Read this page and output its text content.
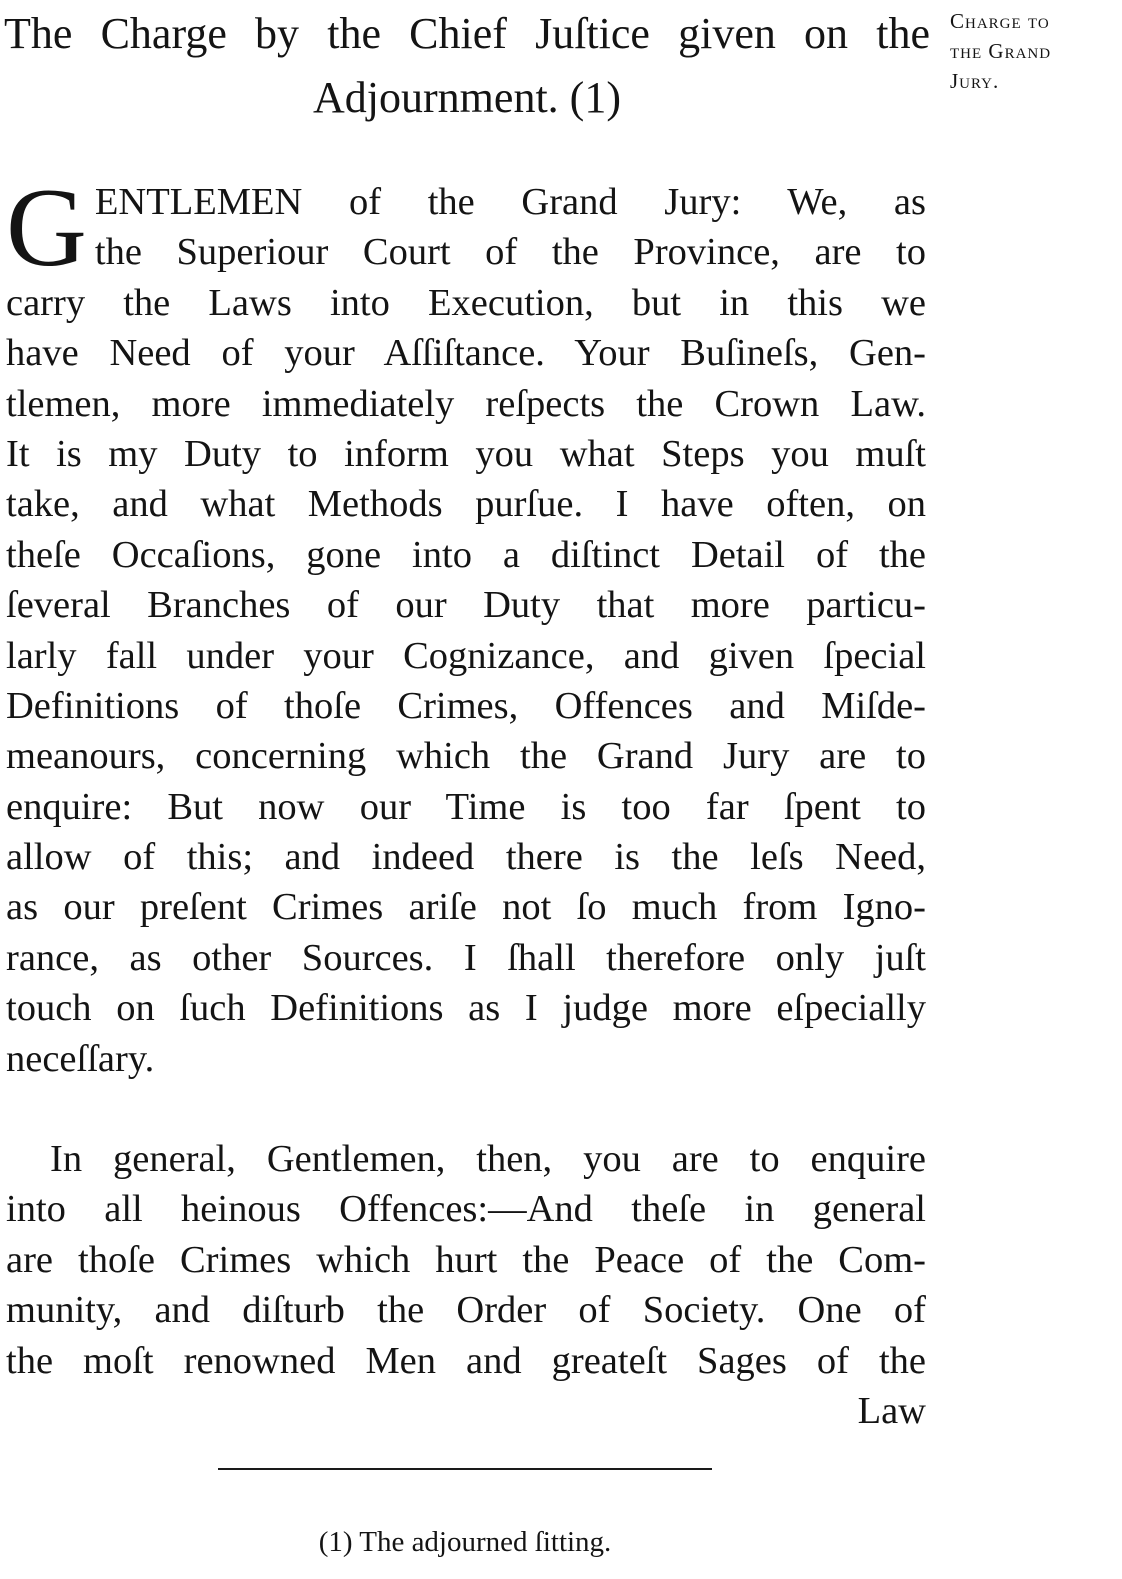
The Charge by the Chief Juſtice given on the
Adjournment. (1)
Charge to
the Grand
Jury.
G ENTLEMEN of the Grand Jury: We, as
the Superiour Court of the Province, are to
carry the Laws into Execution, but in this we
have Need of your Aſſiſtance. Your Buſineſs, Gen-
tlemen, more immediately reſpects the Crown Law.
It is my Duty to inform you what Steps you muſt
take, and what Methods purſue. I have often, on
theſe Occaſions, gone into a diſtinct Detail of the
ſeveral Branches of our Duty that more particu-
larly fall under your Cognizance, and given ſpecial
Definitions of thoſe Crimes, Offences and Miſde-
meanours, concerning which the Grand Jury are to
enquire: But now our Time is too far ſpent to
allow of this; and indeed there is the leſs Need,
as our preſent Crimes ariſe not ſo much from Igno-
rance, as other Sources. I ſhall therefore only juſt
touch on ſuch Definitions as I judge more eſpecially
neceſſary.
In general, Gentlemen, then, you are to enquire
into all heinous Offences:—And theſe in general
are thoſe Crimes which hurt the Peace of the Com-
munity, and diſturb the Order of Society. One of
the moſt renowned Men and greateſt Sages of the
Law
(1) The adjourned ſitting.
